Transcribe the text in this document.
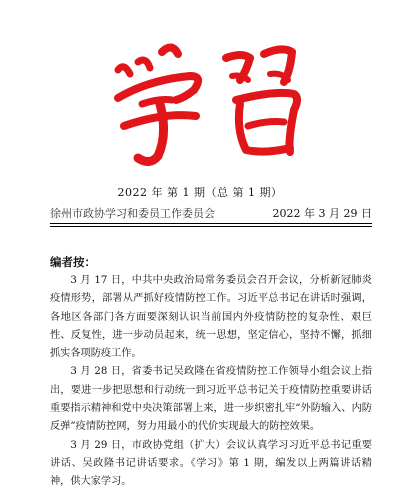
2022 年 第 1 期（总 第 1 期）
徐州市政协学习和委员工作委员会	2022 年 3 月 29 日
编者按：

3 月 17 日，中共中央政治局常务委员会召开会议，分析新冠肺炎疫情形势，部署从严抓好疫情防控工作。习近平总书记在讲话时强调，各地区各部门各方面要深刻认识当前国内外疫情防控的复杂性、艰巨性、反复性，进一步动员起来，统一思想，坚定信心，坚持不懈，抓细抓实各项防疫工作。

3 月 28 日，省委书记吴政隆在省疫情防控工作领导小组会议上指出，要进一步把思想和行动统一到习近平总书记关于疫情防控重要讲话重要指示精神和党中央决策部署上来，进一步织密扎牢“外防输入、内防反弹”疫情防控网，努力用最小的代价实现最大的防控效果。

3 月 29 日，市政协党组（扩大）会议认真学习习近平总书记重要讲话、吴政隆书记讲话要求。《学习》第 1 期，编发以上两篇讲话精神，供大家学习。
